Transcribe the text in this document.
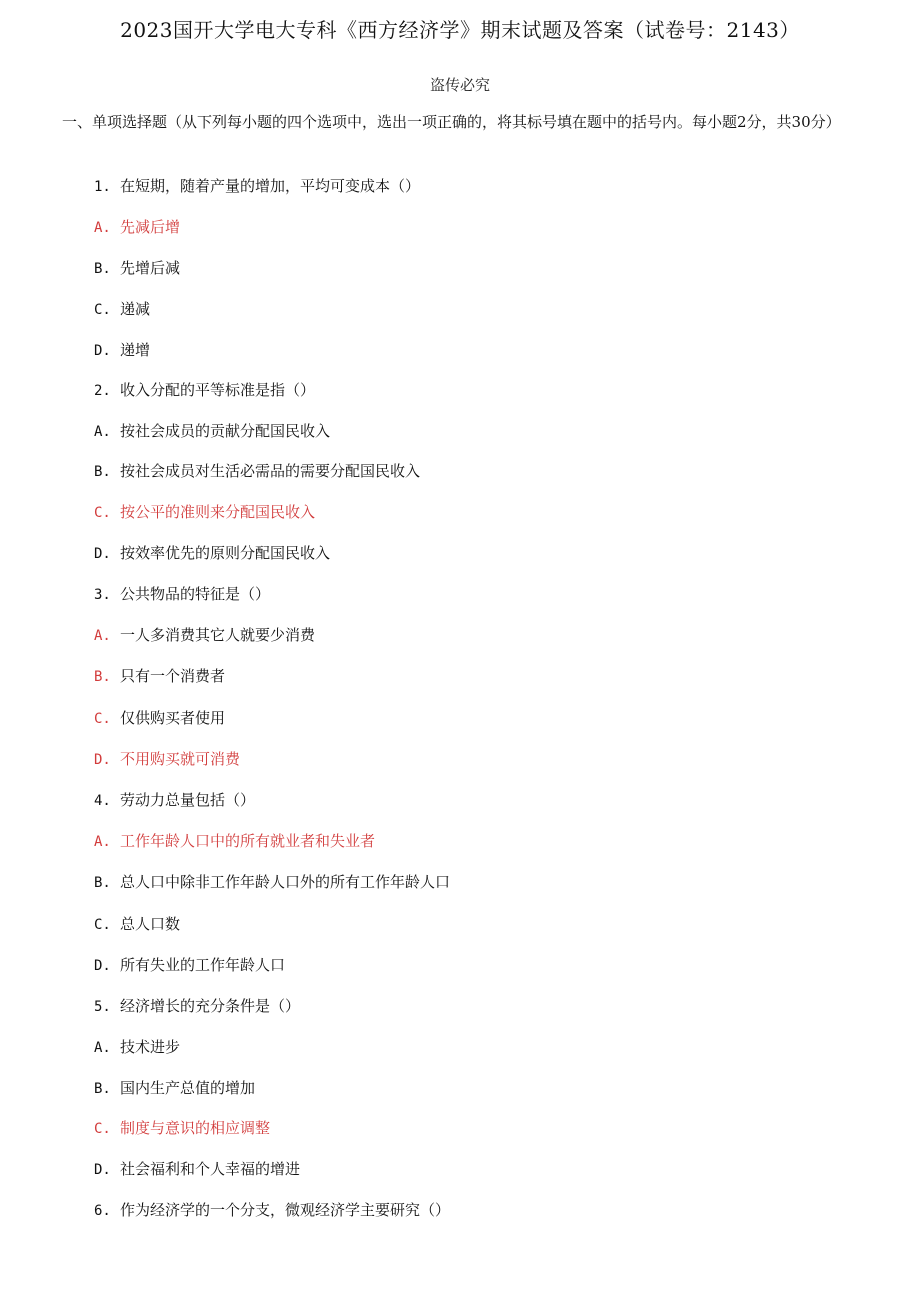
2023国开大学电大专科《西方经济学》期末试题及答案（试卷号：2143）
盗传必究
一、单项选择题（从下列每小题的四个选项中，选出一项正确的，将其标号填在题中的括号内。每小题2分，共30分）
1. 在短期，随着产量的增加，平均可变成本（）
A. 先减后增
B. 先增后减
C. 递减
D. 递增
2. 收入分配的平等标准是指（）
A. 按社会成员的贡献分配国民收入
B. 按社会成员对生活必需品的需要分配国民收入
C. 按公平的准则来分配国民收入
D. 按效率优先的原则分配国民收入
3. 公共物品的特征是（）
A. 一人多消费其它人就要少消费
B. 只有一个消费者
C. 仅供购买者使用
D. 不用购买就可消费
4. 劳动力总量包括（）
A. 工作年龄人口中的所有就业者和失业者
B. 总人口中除非工作年龄人口外的所有工作年龄人口
C. 总人口数
D. 所有失业的工作年龄人口
5. 经济增长的充分条件是（）
A. 技术进步
B. 国内生产总值的增加
C. 制度与意识的相应调整
D. 社会福利和个人幸福的增进
6. 作为经济学的一个分支，微观经济学主要研究（）
